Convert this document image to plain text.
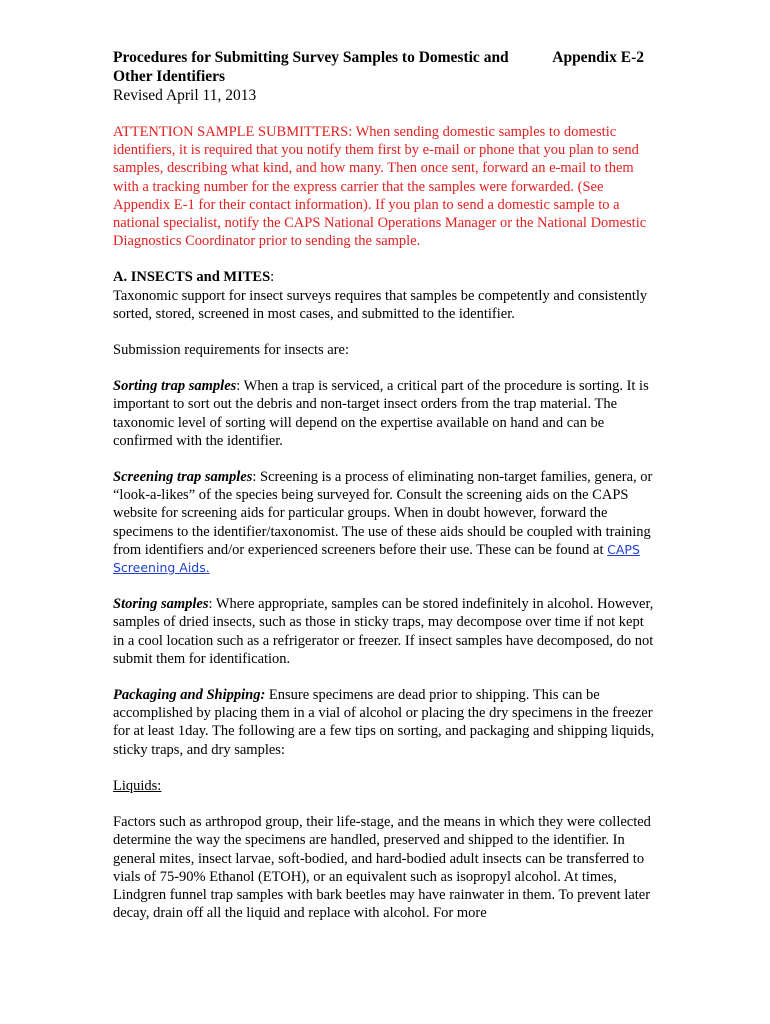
Procedures for Submitting Survey Samples to Domestic and Other Identifiers
Appendix E-2
Revised April 11, 2013

ATTENTION SAMPLE SUBMITTERS: When sending domestic samples to domestic identifiers, it is required that you notify them first by e-mail or phone that you plan to send samples, describing what kind, and how many. Then once sent, forward an e-mail to them with a tracking number for the express carrier that the samples were forwarded. (See Appendix E-1 for their contact information). If you plan to send a domestic sample to a national specialist, notify the CAPS National Operations Manager or the National Domestic Diagnostics Coordinator prior to sending the sample.

A. INSECTS and MITES:

Taxonomic support for insect surveys requires that samples be competently and consistently sorted, stored, screened in most cases, and submitted to the identifier.

Submission requirements for insects are:

Sorting trap samples: When a trap is serviced, a critical part of the procedure is sorting. It is important to sort out the debris and non-target insect orders from the trap material. The taxonomic level of sorting will depend on the expertise available on hand and can be confirmed with the identifier.

Screening trap samples: Screening is a process of eliminating non-target families, genera, or “look-a-likes” of the species being surveyed for. Consult the screening aids on the CAPS website for screening aids for particular groups. When in doubt however, forward the specimens to the identifier/taxonomist. The use of these aids should be coupled with training from identifiers and/or experienced screeners before their use. These can be found at CAPS Screening Aids.

Storing samples: Where appropriate, samples can be stored indefinitely in alcohol. However, samples of dried insects, such as those in sticky traps, may decompose over time if not kept in a cool location such as a refrigerator or freezer. If insect samples have decomposed, do not submit them for identification.

Packaging and Shipping: Ensure specimens are dead prior to shipping. This can be accomplished by placing them in a vial of alcohol or placing the dry specimens in the freezer for at least 1day. The following are a few tips on sorting, and packaging and shipping liquids, sticky traps, and dry samples:

Liquids:

Factors such as arthropod group, their life-stage, and the means in which they were collected determine the way the specimens are handled, preserved and shipped to the identifier. In general mites, insect larvae, soft-bodied, and hard-bodied adult insects can be transferred to vials of 75-90% Ethanol (ETOH), or an equivalent such as isopropyl alcohol. At times, Lindgren funnel trap samples with bark beetles may have rainwater in them. To prevent later decay, drain off all the liquid and replace with alcohol. For more
